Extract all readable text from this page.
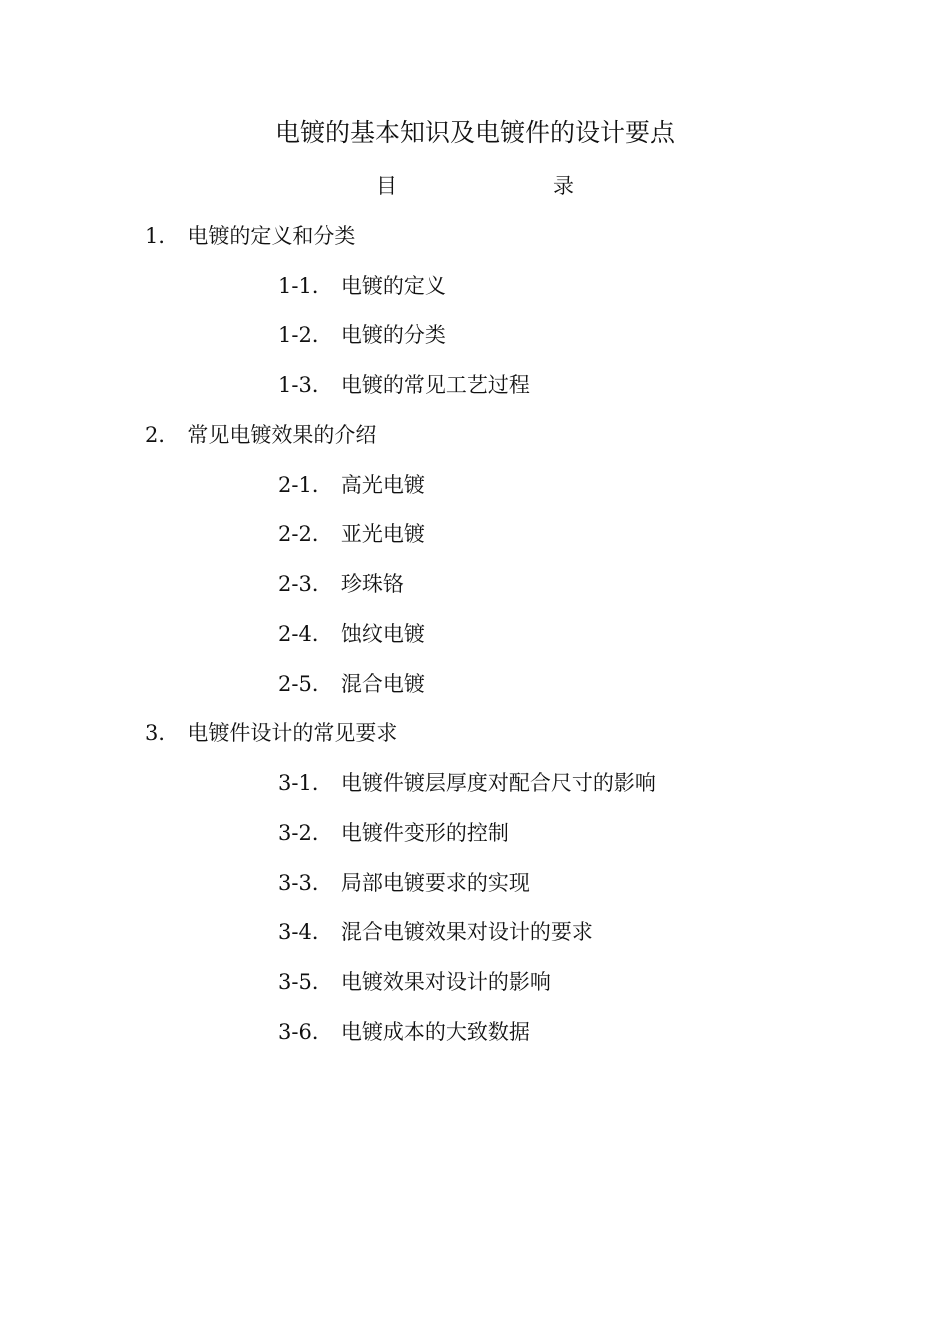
电镀的基本知识及电镀件的设计要点
目	录
1． 电镀的定义和分类
1-1． 电镀的定义
1-2． 电镀的分类
1-3． 电镀的常见工艺过程
2． 常见电镀效果的介绍
2-1． 高光电镀
2-2． 亚光电镀
2-3． 珍珠铬
2-4． 蚀纹电镀
2-5． 混合电镀
3． 电镀件设计的常见要求
3-1． 电镀件镀层厚度对配合尺寸的影响
3-2． 电镀件变形的控制
3-3． 局部电镀要求的实现
3-4． 混合电镀效果对设计的要求
3-5． 电镀效果对设计的影响
3-6． 电镀成本的大致数据
